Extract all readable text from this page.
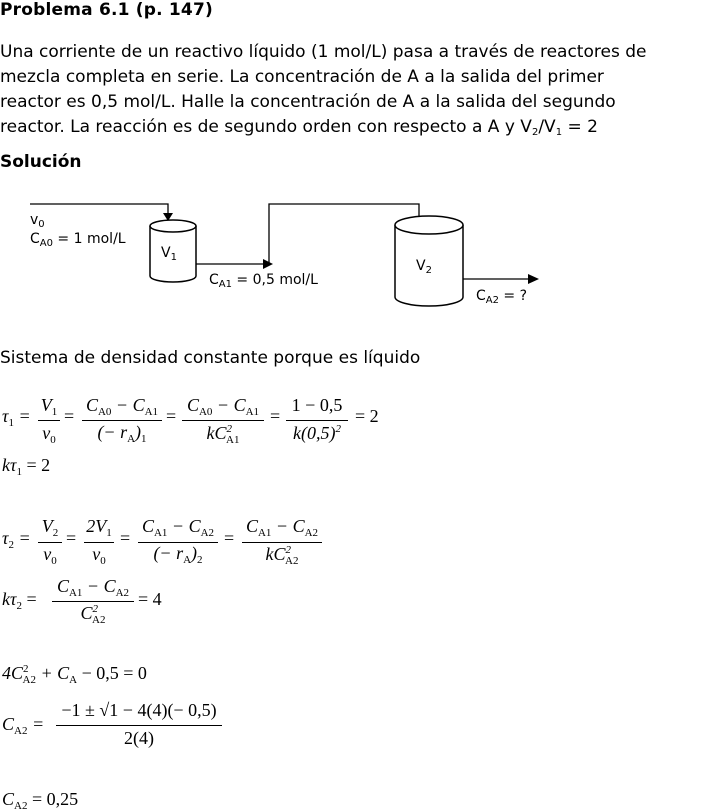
Problema 6.1 (p. 147)

Una corriente de un reactivo líquido (1 mol/L) pasa a través de reactores de

mezcla completa en serie. La concentración de A a la salida del primer

reactor es 0,5 mol/L. Halle la concentración de A a la salida del segundo

reactor. La reacción es de segundo orden con respecto a A y V2/V1 = 2

Solución
$v_0$
$C_{A0} = 1$ mol/L
$V_1$
$C_{A1} = 0,5$ mol/L
$V_2$
$C_{A2}$ = ?
Sistema de densidad constante porque es líquido
$\tau_1$ =
$V_1$
$v_0$
=
$C_{A0} - C_{A1}$
(− $r_A)_1$
=
$C_{A0} - C_{A1}$
$kC^2_{A1}$
=
1 − 0,5
$k(0,5)^2$
= 2
$k\tau_1 = 2$
$\tau_2$ =
$V_2$
$v_0$
=
$2V_1$
$v_0$
=
$C_{A1} - C_{A2}$
(− $r_A)_2$
=
$C_{A1} - C_{A2}$
$kC^2_{A2}$
$k\tau_2$ =
$C_{A1} - C_{A2}$
$C^2_{A2}$
= 4
$4C^2_{A2} + C_A - 0,5 = 0$
$C_{A2}$ =
−1 ± √1 − 4(4)(− 0,5)
2(4)
$C_{A2} = 0,25$
